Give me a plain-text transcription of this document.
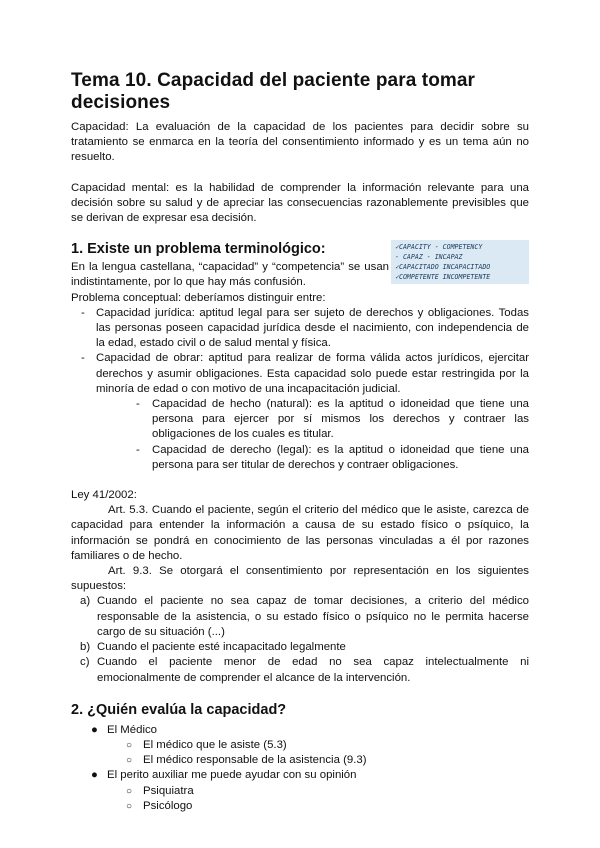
Tema 10. Capacidad del paciente para tomar decisiones

Capacidad: La evaluación de la capacidad de los pacientes para decidir sobre su tratamiento se enmarca en la teoría del consentimiento informado y es un tema aún no resuelto.

Capacidad mental: es la habilidad de comprender la información relevante para una decisión sobre su salud y de apreciar las consecuencias razonablemente previsibles que se derivan de expresar esa decisión.

1. Existe un problema terminológico:	✓CAPACITY - COMPETENCY
- CAPAZ - INCAPAZ
✓CAPACITADO INCAPACITADO
✓COMPETENTE INCOMPETENTE

En la lengua castellana, “capacidad” y “competencia” se usan indistintamente, por lo que hay más confusión.

Problema conceptual: deberíamos distinguir entre:

- Capacidad jurídica: aptitud legal para ser sujeto de derechos y obligaciones. Todas las personas poseen capacidad jurídica desde el nacimiento, con independencia de la edad, estado civil o de salud mental y física.
- Capacidad de obrar: aptitud para realizar de forma válida actos jurídicos, ejercitar derechos y asumir obligaciones. Esta capacidad solo puede estar restringida por la minoría de edad o con motivo de una incapacitación judicial.
- Capacidad de hecho (natural): es la aptitud o idoneidad que tiene una persona para ejercer por sí mismos los derechos y contraer las obligaciones de los cuales es titular.
- Capacidad de derecho (legal): es la aptitud o idoneidad que tiene una persona para ser titular de derechos y contraer obligaciones.

Ley 41/2002:

Art. 5.3. Cuando el paciente, según el criterio del médico que le asiste, carezca de capacidad para entender la información a causa de su estado físico o psíquico, la información se pondrá en conocimiento de las personas vinculadas a él por razones familiares o de hecho.

Art. 9.3. Se otorgará el consentimiento por representación en los siguientes supuestos:

a) Cuando el paciente no sea capaz de tomar decisiones, a criterio del médico responsable de la asistencia, o su estado físico o psíquico no le permita hacerse cargo de su situación (...)
b) Cuando el paciente esté incapacitado legalmente
c) Cuando el paciente menor de edad no sea capaz intelectualmente ni emocionalmente de comprender el alcance de la intervención.
2. ¿Quién evalúa la capacidad?
● El Médico
○ El médico que le asiste (5.3)
○ El médico responsable de la asistencia (9.3)
● El perito auxiliar me puede ayudar con su opinión
○ Psiquiatra
○ Psicólogo
